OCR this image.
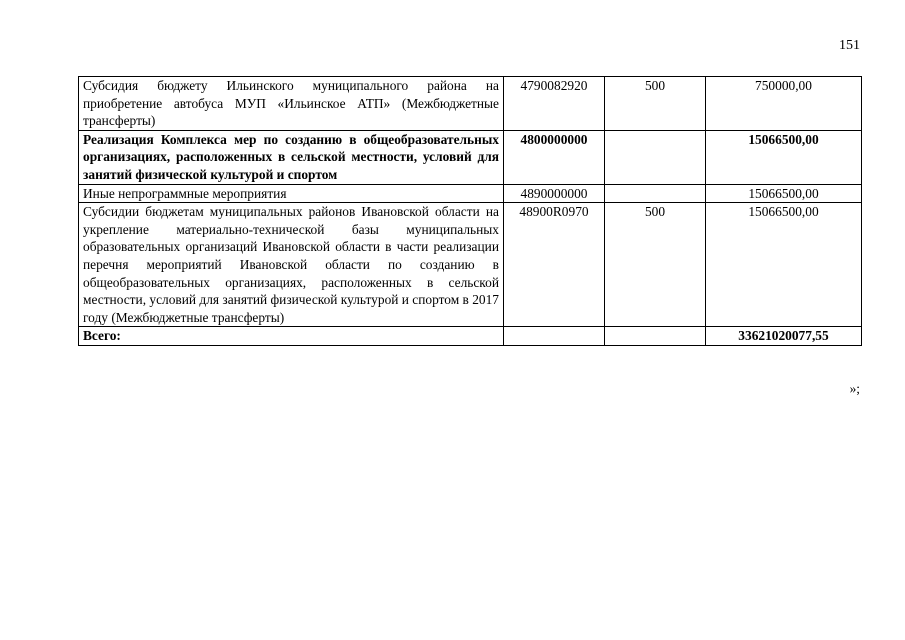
151
Субсидия бюджету Ильинского муниципального района на приобретение автобуса МУП «Ильинское АТП» (Межбюджетные трансферты)	4790082920	500	750000,00
Реализация Комплекса мер по созданию в общеобразовательных организациях, расположенных в сельской местности, условий для занятий физической культурой и спортом	4800000000		15066500,00
Иные непрограммные мероприятия	4890000000		15066500,00
Субсидии бюджетам муниципальных районов Ивановской области на укрепление материально-технической базы муниципальных образовательных организаций Ивановской области в части реализации перечня мероприятий Ивановской области по созданию в общеобразовательных организациях, расположенных в сельской местности, условий для занятий физической культурой и спортом в 2017 году (Межбюджетные трансферты)	48900R0970	500	15066500,00
Всего:			33621020077,55
»;
